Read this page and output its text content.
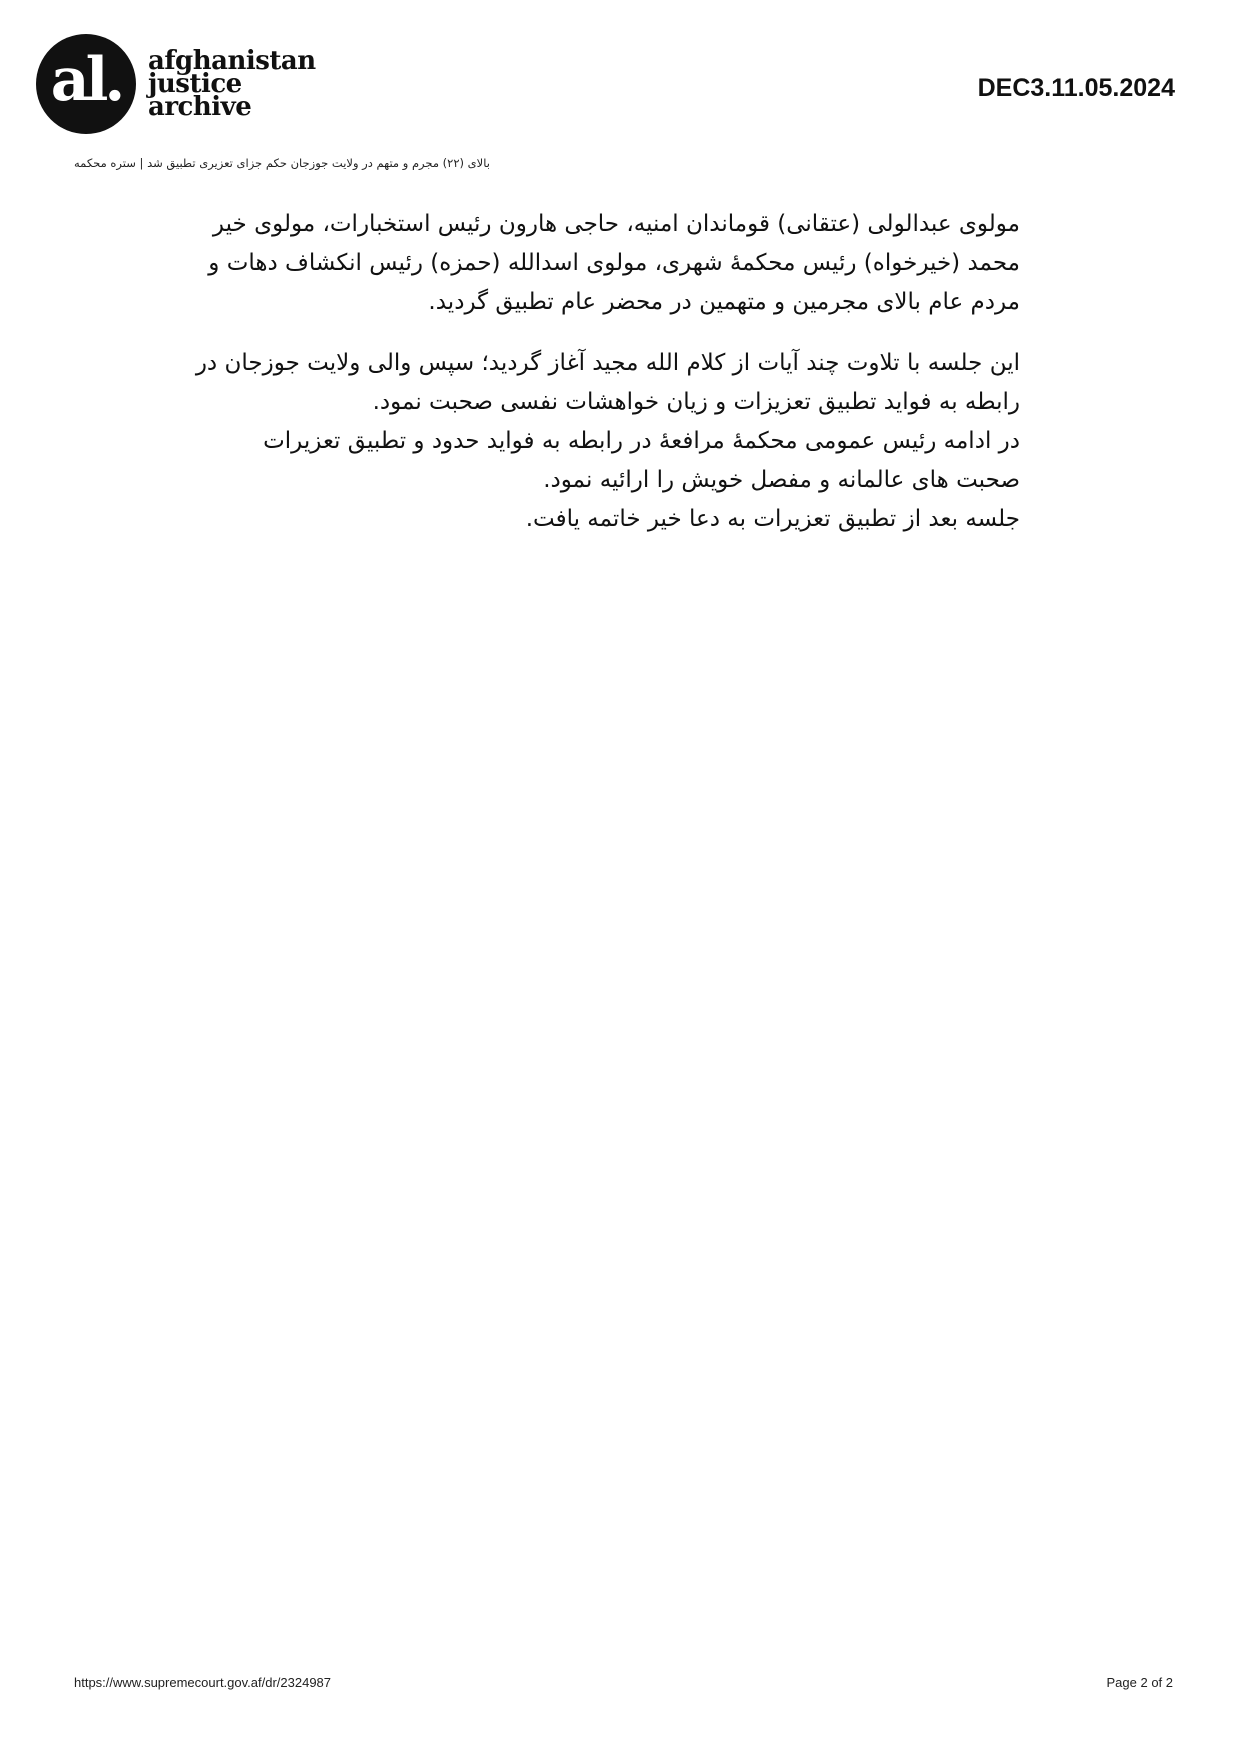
al.	afghanistan
justice
archive
DEC3.11.05.2024
بالای (۲۲) مجرم و متهم در ولایت جوزجان حکم جزای تعزیری تطبیق شد | ستره محکمه

مولوی عبدالولی (عتقانی) قوماندان امنیه، حاجی هارون رئیس استخبارات، مولوی خیر
محمد (خیرخواه) رئیس محکمۀ شهری، مولوی اسدالله (حمزه) رئیس انکشاف دهات و
مردم عام بالای مجرمین و متهمین در محضر عام تطبیق گردید.

این جلسه با تلاوت چند آیات از کلام الله مجید آغاز گردید؛ سپس والی ولایت جوزجان در
رابطه به فواید تطبیق تعزیزات و زیان خواهشات نفسی صحبت نمود.
در ادامه رئیس عمومی محکمۀ مرافعۀ در رابطه به فواید حدود و تطبیق تعزیرات
صحبت های عالمانه و مفصل خویش را ارائیه نمود.
جلسه بعد از تطبیق تعزیرات به دعا خیر خاتمه یافت.

https://www.supremecourt.gov.af/dr/2324987	Page 2 of 2
